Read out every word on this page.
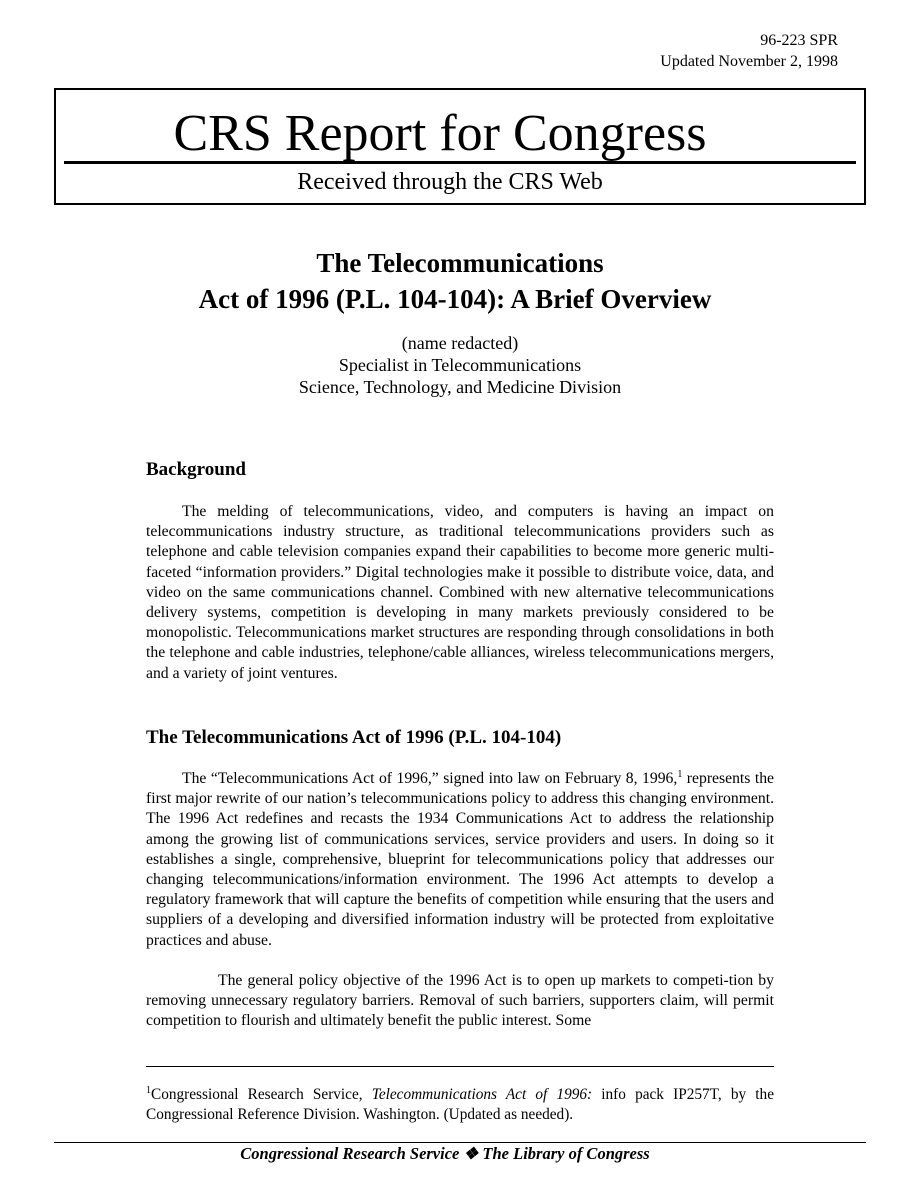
96-223 SPR
Updated November 2, 1998
CRS Report for Congress
Received through the CRS Web
The Telecommunications
Act of 1996 (P.L. 104-104): A Brief Overview
(name redacted)
Specialist in Telecommunications
Science, Technology, and Medicine Division
Background
The melding of telecommunications, video, and computers is having an impact on telecommunications industry structure, as traditional telecommunications providers such as telephone and cable television companies expand their capabilities to become more generic multi-faceted “information providers.” Digital technologies make it possible to distribute voice, data, and video on the same communications channel. Combined with new alternative telecommunications delivery systems, competition is developing in many markets previously considered to be monopolistic. Telecommunications market structures are responding through consolidations in both the telephone and cable industries, telephone/cable alliances, wireless telecommunications mergers, and a variety of joint ventures.
The Telecommunications Act of 1996 (P.L. 104-104)
The “Telecommunications Act of 1996,” signed into law on February 8, 1996,$^1$ represents the first major rewrite of our nation’s telecommunications policy to address this changing environment. The 1996 Act redefines and recasts the 1934 Communications Act to address the relationship among the growing list of communications services, service providers and users. In doing so it establishes a single, comprehensive, blueprint for telecommunications policy that addresses our changing telecommunications/information environment. The 1996 Act attempts to develop a regulatory framework that will capture the benefits of competition while ensuring that the users and suppliers of a developing and diversified information industry will be protected from exploitative practices and abuse.
The general policy objective of the 1996 Act is to open up markets to competi-tion by removing unnecessary regulatory barriers. Removal of such barriers, supporters claim, will permit competition to flourish and ultimately benefit the public interest. Some
$^1$Congressional Research Service, Telecommunications Act of 1996: info pack IP257T, by the Congressional Reference Division. Washington. (Updated as needed).
Congressional Research Service ❖ The Library of Congress
